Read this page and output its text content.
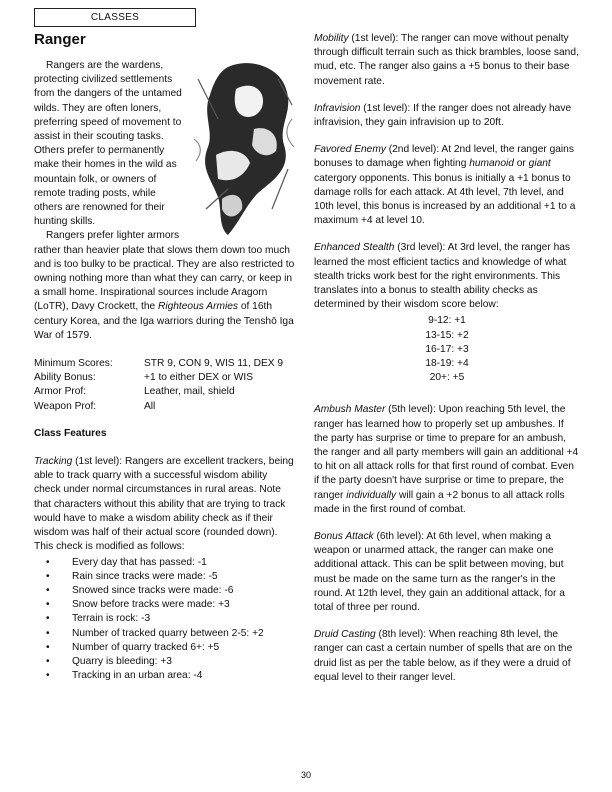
CLASSES
Ranger

Rangers are the wardens, protecting civilized settlements from the dangers of the untamed wilds. They are often loners, preferring speed of movement to assist in their scouting tasks. Others prefer to permanently make their homes in the wild as mountain folk, or owners of remote trading posts, while others are renowned for their hunting skills.

Rangers prefer lighter armors rather than heavier plate that slows them down too much and is too bulky to be practical. They are also restricted to owning nothing more than what they can carry, or keep in a small home. Inspirational sources include Aragorn (LoTR), Davy Crockett, the Righteous Armies of 16th century Korea, and the Iga warriors during the Tenshō Iga War of 1579.

Minimum Scores:	STR 9, CON 9, WIS 11, DEX 9
Ability Bonus:	+1 to either DEX or WIS
Armor Prof:	Leather, mail, shield
Weapon Prof:	All
Class Features

Tracking (1st level): Rangers are excellent trackers, being able to track quarry with a successful wisdom ability check under normal circumstances in rural areas. Note that characters without this ability that are trying to track would have to make a wisdom ability check as if their wisdom was half of their actual score (rounded down). This check is modified as follows:

• Every day that has passed: -1
• Rain since tracks were made: -5
• Snowed since tracks were made: -6
• Snow before tracks were made: +3
• Terrain is rock: -3
• Number of tracked quarry between 2-5: +2
• Number of quarry tracked 6+: +5
• Quarry is bleeding: +3
• Tracking in an urban area: -4

Mobility (1st level): The ranger can move without penalty through difficult terrain such as thick brambles, loose sand, mud, etc. The ranger also gains a +5 bonus to their base movement rate.

Infravision (1st level): If the ranger does not already have infravision, they gain infravision up to 20ft.

Favored Enemy (2nd level): At 2nd level, the ranger gains bonuses to damage when fighting humanoid or giant catergory opponents. This bonus is initially a +1 bonus to damage rolls for each attack. At 4th level, 7th level, and 10th level, this bonus is increased by an additional +1 to a maximum +4 at level 10.

Enhanced Stealth (3rd level): At 3rd level, the ranger has learned the most efficient tactics and knowledge of what stealth tricks work best for the right environments. This translates into a bonus to stealth ability checks as determined by their wisdom score below:

9-12: +1
13-15: +2
16-17: +3
18-19: +4
20+: +5

Ambush Master (5th level): Upon reaching 5th level, the ranger has learned how to properly set up ambushes. If the party has surprise or time to prepare for an ambush, the ranger and all party members will gain an additional +4 to hit on all attack rolls for that first round of combat. Even if the party doesn't have surprise or time to prepare, the ranger individually will gain a +2 bonus to all attack rolls made in the first round of combat.

Bonus Attack (6th level): At 6th level, when making a weapon or unarmed attack, the ranger can make one additional attack. This can be split between moving, but must be made on the same turn as the ranger's in the round. At 12th level, they gain an additional attack, for a total of three per round.

Druid Casting (8th level): When reaching 8th level, the ranger can cast a certain number of spells that are on the druid list as per the table below, as if they were a druid of equal level to their ranger level.

30
